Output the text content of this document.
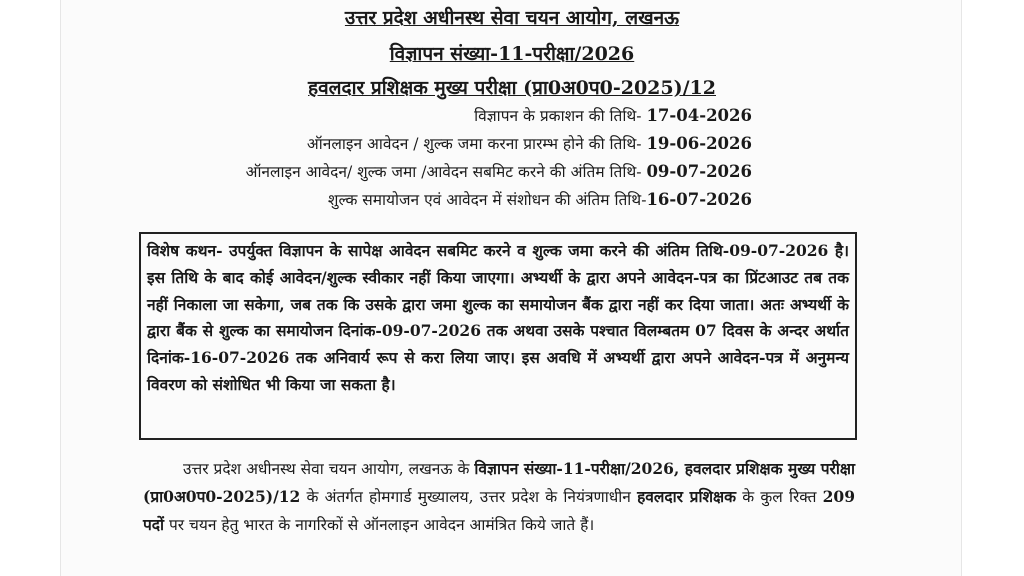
उत्तर प्रदेश अधीनस्थ सेवा चयन आयोग, लखनऊ
विज्ञापन संख्या-11-परीक्षा/2026
हवलदार प्रशिक्षक मुख्य परीक्षा (प्रा0अ0प0-2025)/12
विज्ञापन के प्रकाशन की तिथि- 17-04-2026
ऑनलाइन आवेदन / शुल्क जमा करना प्रारम्भ होने की तिथि- 19-06-2026
ऑनलाइन आवेदन/ शुल्क जमा /आवेदन सबमिट करने की अंतिम तिथि- 09-07-2026
शुल्क समायोजन एवं आवेदन में संशोधन की अंतिम तिथि-16-07-2026
विशेष कथन- उपर्युक्त विज्ञापन के सापेक्ष आवेदन सबमिट करने व शुल्क जमा करने की अंतिम तिथि-09-07-2026 है। इस तिथि के बाद कोई आवेदन/शुल्क स्वीकार नहीं किया जाएगा। अभ्यर्थी के द्वारा अपने आवेदन-पत्र का प्रिंटआउट तब तक नहीं निकाला जा सकेगा, जब तक कि उसके द्वारा जमा शुल्क का समायोजन बैंक द्वारा नहीं कर दिया जाता। अतः अभ्यर्थी के द्वारा बैंक से शुल्क का समायोजन दिनांक-09-07-2026 तक अथवा उसके पश्चात विलम्बतम 07 दिवस के अन्दर अर्थात दिनांक-16-07-2026 तक अनिवार्य रूप से करा लिया जाए। इस अवधि में अभ्यर्थी द्वारा अपने आवेदन-पत्र में अनुमन्य विवरण को संशोधित भी किया जा सकता है।
उत्तर प्रदेश अधीनस्थ सेवा चयन आयोग, लखनऊ के विज्ञापन संख्या-11-परीक्षा/2026, हवलदार प्रशिक्षक मुख्य परीक्षा (प्रा0अ0प0-2025)/12 के अंतर्गत होमगार्ड मुख्यालय, उत्तर प्रदेश के नियंत्रणाधीन हवलदार प्रशिक्षक के कुल रिक्त 209 पदों पर चयन हेतु भारत के नागरिकों से ऑनलाइन आवेदन आमंत्रित किये जाते हैं।
